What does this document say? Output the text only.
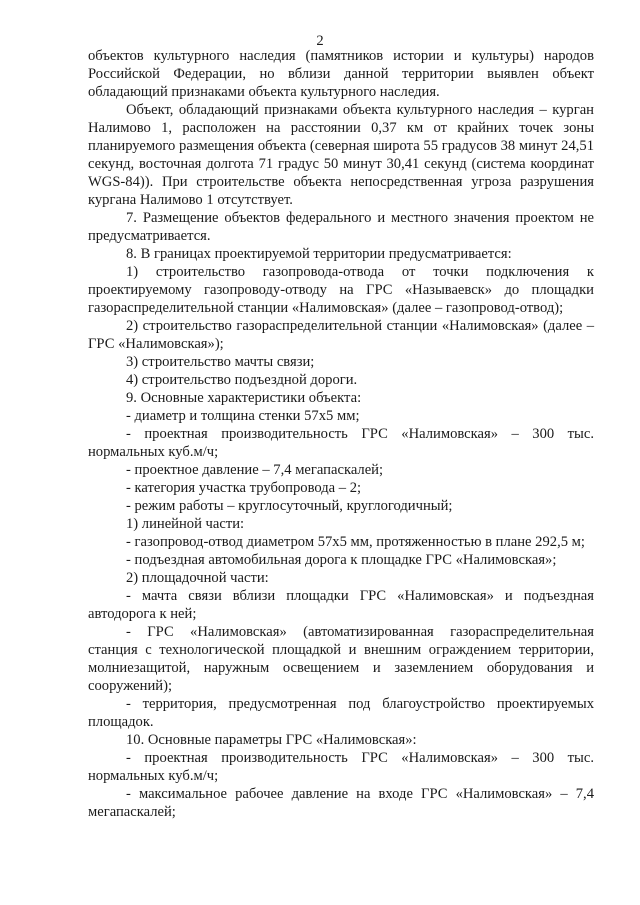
2

объектов культурного наследия (памятников истории и культуры) народов Российской Федерации, но вблизи данной территории выявлен объект обладающий признаками объекта культурного наследия.

Объект, обладающий признаками объекта культурного наследия – курган Налимово 1, расположен на расстоянии 0,37 км от крайних точек зоны планируемого размещения объекта (северная широта 55 градусов 38 минут 24,51 секунд, восточная долгота 71 градус 50 минут 30,41 секунд (система координат WGS-84)). При строительстве объекта непосредственная угроза разрушения кургана Налимово 1 отсутствует.

7. Размещение объектов федерального и местного значения проектом не предусматривается.

8. В границах проектируемой территории предусматривается:

1) строительство газопровода-отвода от точки подключения к проектируемому газопроводу-отводу на ГРС «Называевск» до площадки газораспределительной станции «Налимовская» (далее – газопровод-отвод);

2) строительство газораспределительной станции «Налимовская» (далее – ГРС «Налимовская»);

3) строительство мачты связи;

4) строительство подъездной дороги.

9. Основные характеристики объекта:

- диаметр и толщина стенки 57х5 мм;

- проектная производительность ГРС «Налимовская» – 300 тыс. нормальных куб.м/ч;

- проектное давление – 7,4 мегапаскалей;

- категория участка трубопровода – 2;

- режим работы – круглосуточный, круглогодичный;

1) линейной части:

- газопровод-отвод диаметром 57х5 мм, протяженностью в плане 292,5 м;

- подъездная автомобильная дорога к площадке ГРС «Налимовская»;

2) площадочной части:

- мачта связи вблизи площадки ГРС «Налимовская» и подъездная автодорога к ней;

- ГРС «Налимовская» (автоматизированная газораспределительная станция с технологической площадкой и внешним ограждением территории, молниезащитой, наружным освещением и заземлением оборудования и сооружений);

- территория, предусмотренная под благоустройство проектируемых площадок.

10. Основные параметры ГРС «Налимовская»:

- проектная производительность ГРС «Налимовская» – 300 тыс. нормальных куб.м/ч;

- максимальное рабочее давление на входе ГРС «Налимовская» – 7,4 мегапаскалей;
